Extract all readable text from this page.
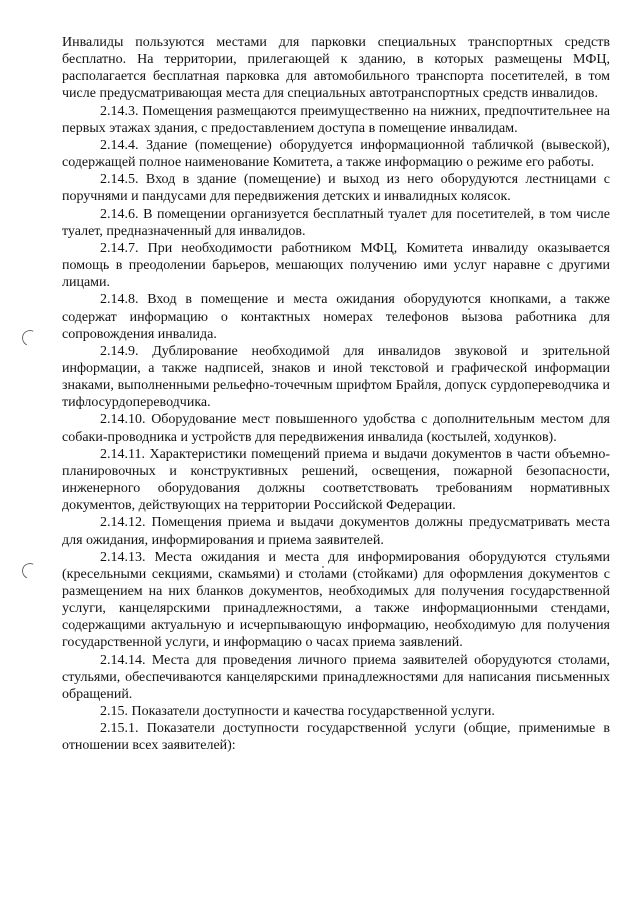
Инвалиды пользуются местами для парковки специальных транспортных средств бесплатно. На территории, прилегающей к зданию, в которых размещены МФЦ, располагается бесплатная парковка для автомобильного транспорта посетителей, в том числе предусматривающая места для специальных автотранспортных средств инвалидов.

2.14.3. Помещения размещаются преимущественно на нижних, предпочтительнее на первых этажах здания, с предоставлением доступа в помещение инвалидам.

2.14.4. Здание (помещение) оборудуется информационной табличкой (вывеской), содержащей полное наименование Комитета, а также информацию о режиме его работы.

2.14.5. Вход в здание (помещение) и выход из него оборудуются лестницами с поручнями и пандусами для передвижения детских и инвалидных колясок.

2.14.6. В помещении организуется бесплатный туалет для посетителей, в том числе туалет, предназначенный для инвалидов.

2.14.7. При необходимости работником МФЦ, Комитета инвалиду оказывается помощь в преодолении барьеров, мешающих получению ими услуг наравне с другими лицами.

2.14.8. Вход в помещение и места ожидания оборудуются кнопками, а также содержат информацию о контактных номерах телефонов вызова работника для сопровождения инвалида.

2.14.9. Дублирование необходимой для инвалидов звуковой и зрительной информации, а также надписей, знаков и иной текстовой и графической информации знаками, выполненными рельефно-точечным шрифтом Брайля, допуск сурдопереводчика и тифлосурдопереводчика.

2.14.10. Оборудование мест повышенного удобства с дополнительным местом для собаки-проводника и устройств для передвижения инвалида (костылей, ходунков).

2.14.11. Характеристики помещений приема и выдачи документов в части объемно-планировочных и конструктивных решений, освещения, пожарной безопасности, инженерного оборудования должны соответствовать требованиям нормативных документов, действующих на территории Российской Федерации.

2.14.12. Помещения приема и выдачи документов должны предусматривать места для ожидания, информирования и приема заявителей.

2.14.13. Места ожидания и места для информирования оборудуются стульями (кресельными секциями, скамьями) и столами (стойками) для оформления документов с размещением на них бланков документов, необходимых для получения государственной услуги, канцелярскими принадлежностями, а также информационными стендами, содержащими актуальную и исчерпывающую информацию, необходимую для получения государственной услуги, и информацию о часах приема заявлений.

2.14.14. Места для проведения личного приема заявителей оборудуются столами, стульями, обеспечиваются канцелярскими принадлежностями для написания письменных обращений.

2.15. Показатели доступности и качества государственной услуги.

2.15.1. Показатели доступности государственной услуги (общие, применимые в отношении всех заявителей):
